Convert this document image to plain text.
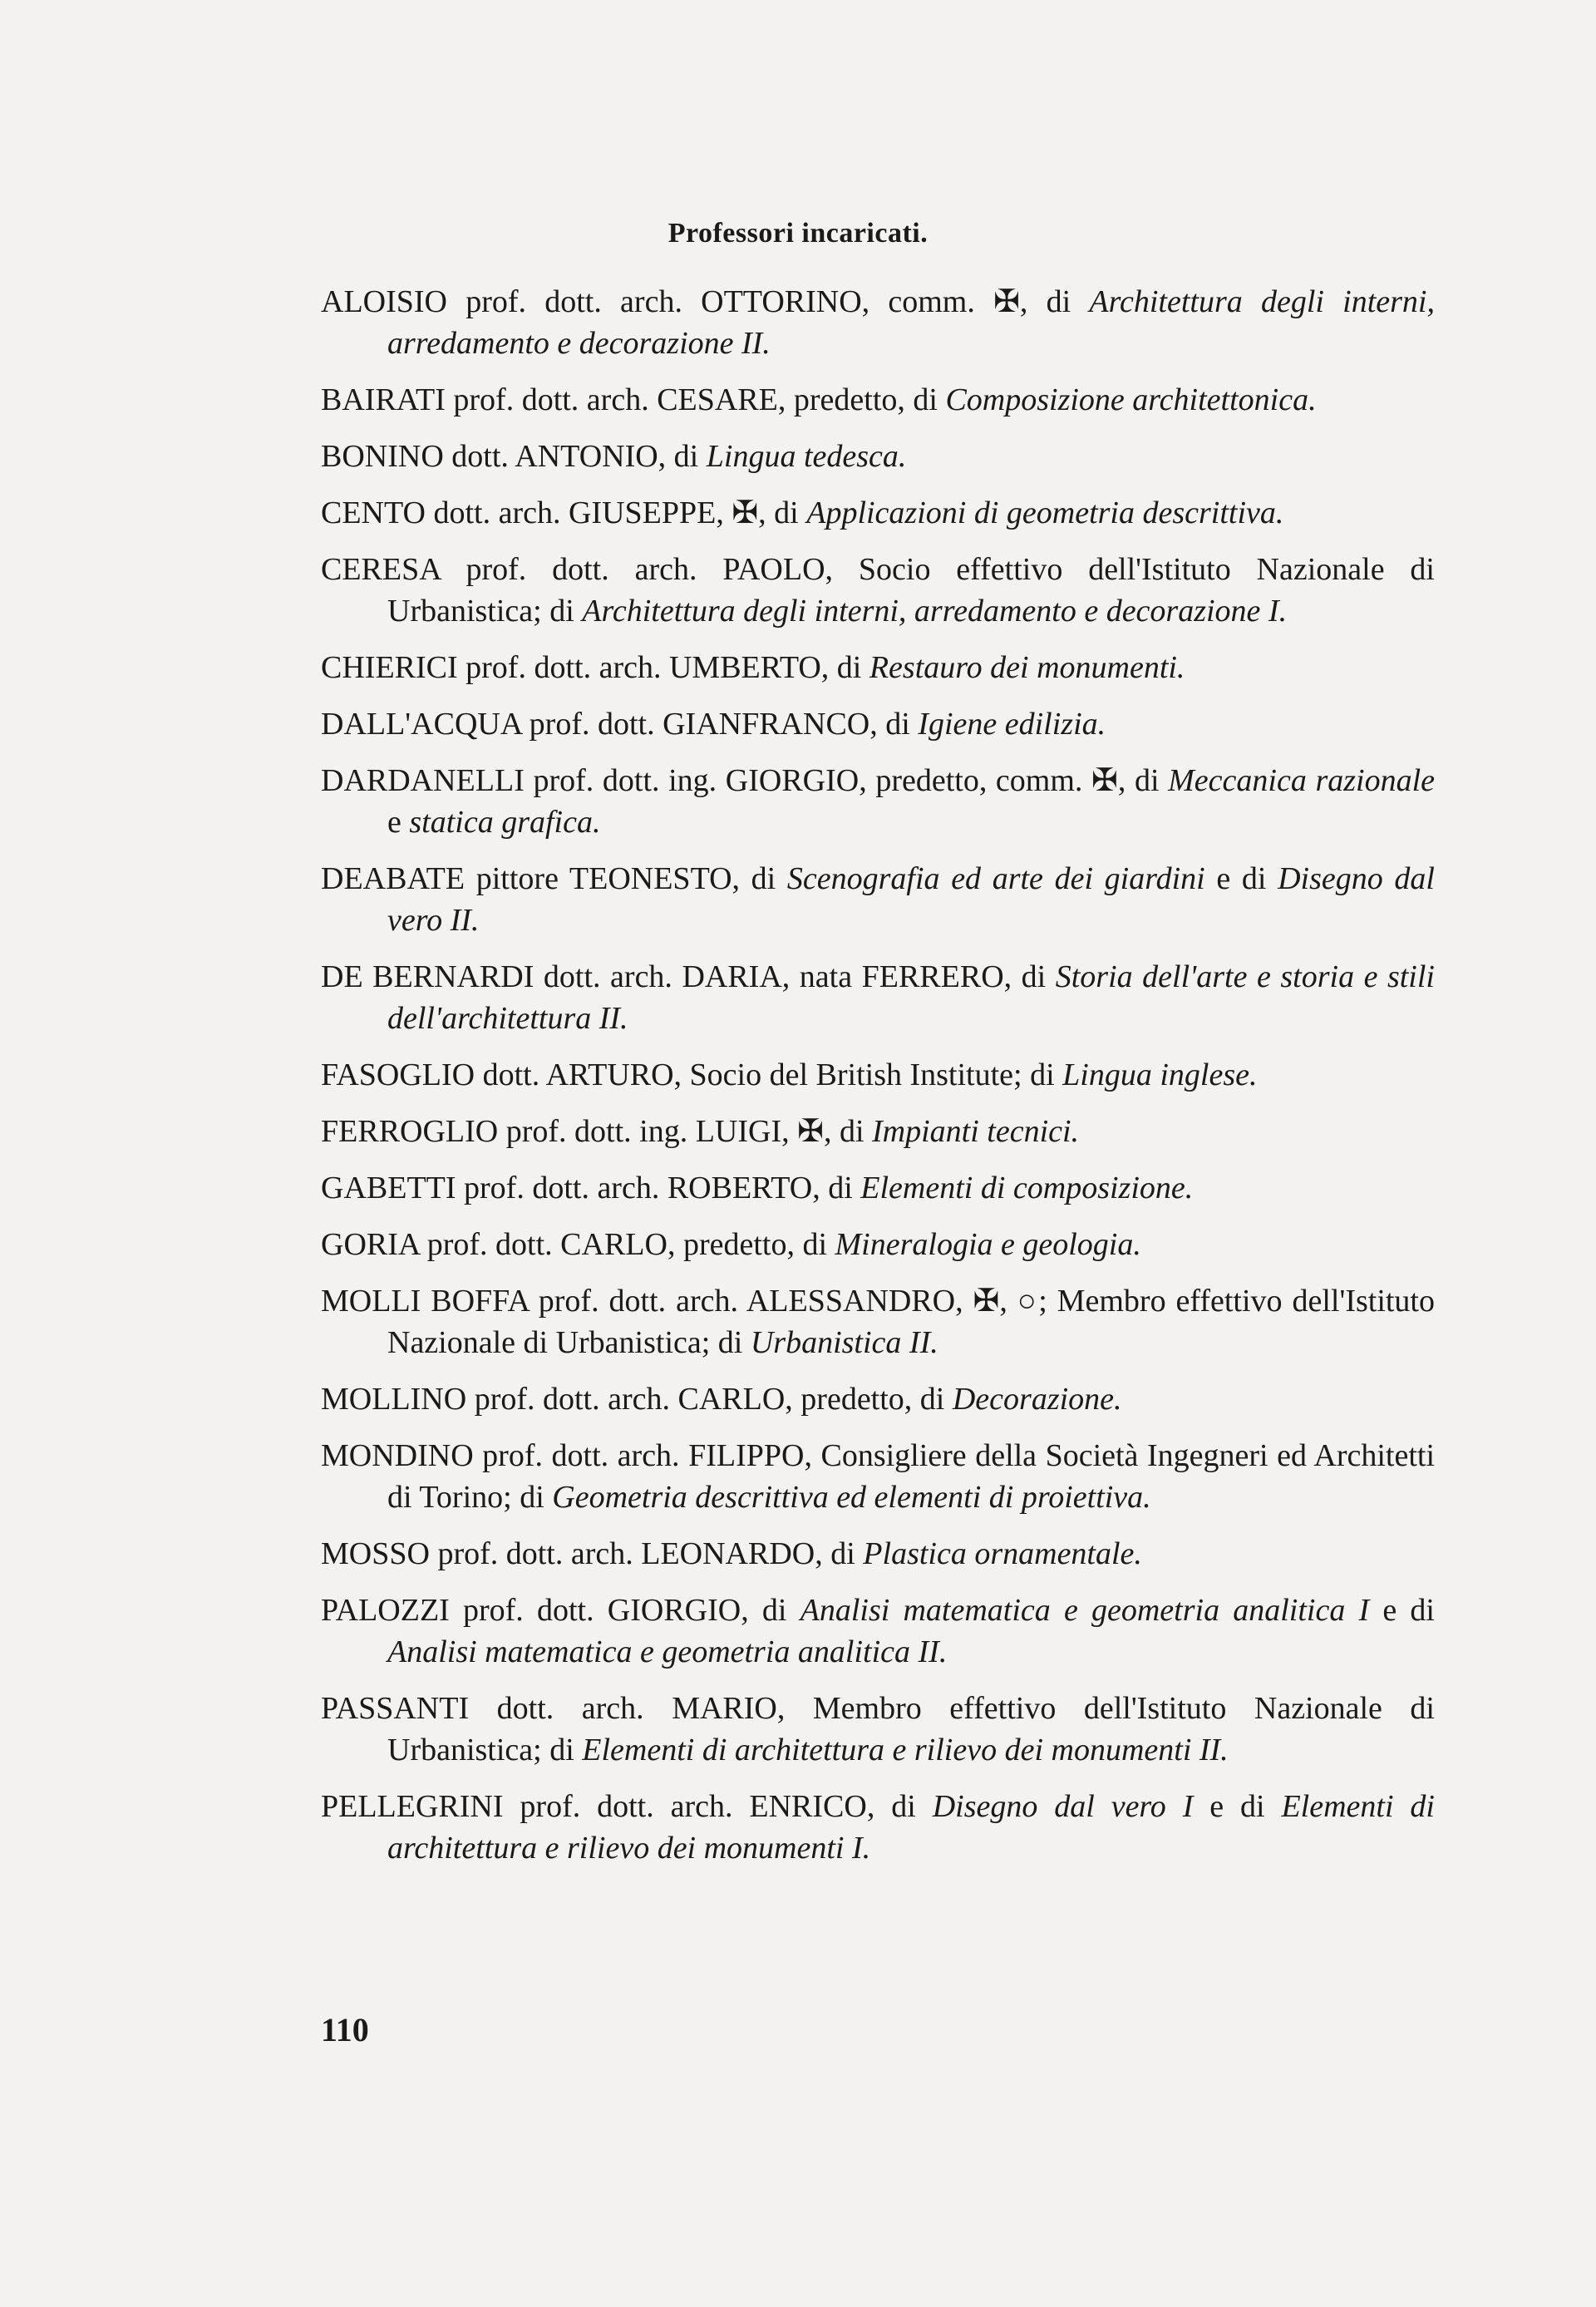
Professori incaricati.
ALOISIO prof. dott. arch. OTTORINO, comm. ✠, di Architettura degli interni, arredamento e decorazione II.
BAIRATI prof. dott. arch. CESARE, predetto, di Composizione architettonica.
BONINO dott. ANTONIO, di Lingua tedesca.
CENTO dott. arch. GIUSEPPE, ✠, di Applicazioni di geometria descrittiva.
CERESA prof. dott. arch. PAOLO, Socio effettivo dell'Istituto Nazionale di Urbanistica; di Architettura degli interni, arredamento e decorazione I.
CHIERICI prof. dott. arch. UMBERTO, di Restauro dei monumenti.
DALL'ACQUA prof. dott. GIANFRANCO, di Igiene edilizia.
DARDANELLI prof. dott. ing. GIORGIO, predetto, comm. ✠, di Meccanica razionale e statica grafica.
DEABATE pittore TEONESTO, di Scenografia ed arte dei giardini e di Disegno dal vero II.
DE BERNARDI dott. arch. DARIA, nata FERRERO, di Storia dell'arte e storia e stili dell'architettura II.
FASOGLIO dott. ARTURO, Socio del British Institute; di Lingua inglese.
FERROGLIO prof. dott. ing. LUIGI, ✠, di Impianti tecnici.
GABETTI prof. dott. arch. ROBERTO, di Elementi di composizione.
GORIA prof. dott. CARLO, predetto, di Mineralogia e geologia.
MOLLI BOFFA prof. dott. arch. ALESSANDRO, ✠, ○; Membro effettivo dell'Istituto Nazionale di Urbanistica; di Urbanistica II.
MOLLINO prof. dott. arch. CARLO, predetto, di Decorazione.
MONDINO prof. dott. arch. FILIPPO, Consigliere della Società Ingegneri ed Architetti di Torino; di Geometria descrittiva ed elementi di proiettiva.
MOSSO prof. dott. arch. LEONARDO, di Plastica ornamentale.
PALOZZI prof. dott. GIORGIO, di Analisi matematica e geometria analitica I e di Analisi matematica e geometria analitica II.
PASSANTI dott. arch. MARIO, Membro effettivo dell'Istituto Nazionale di Urbanistica; di Elementi di architettura e rilievo dei monumenti II.
PELLEGRINI prof. dott. arch. ENRICO, di Disegno dal vero I e di Elementi di architettura e rilievo dei monumenti I.
110
